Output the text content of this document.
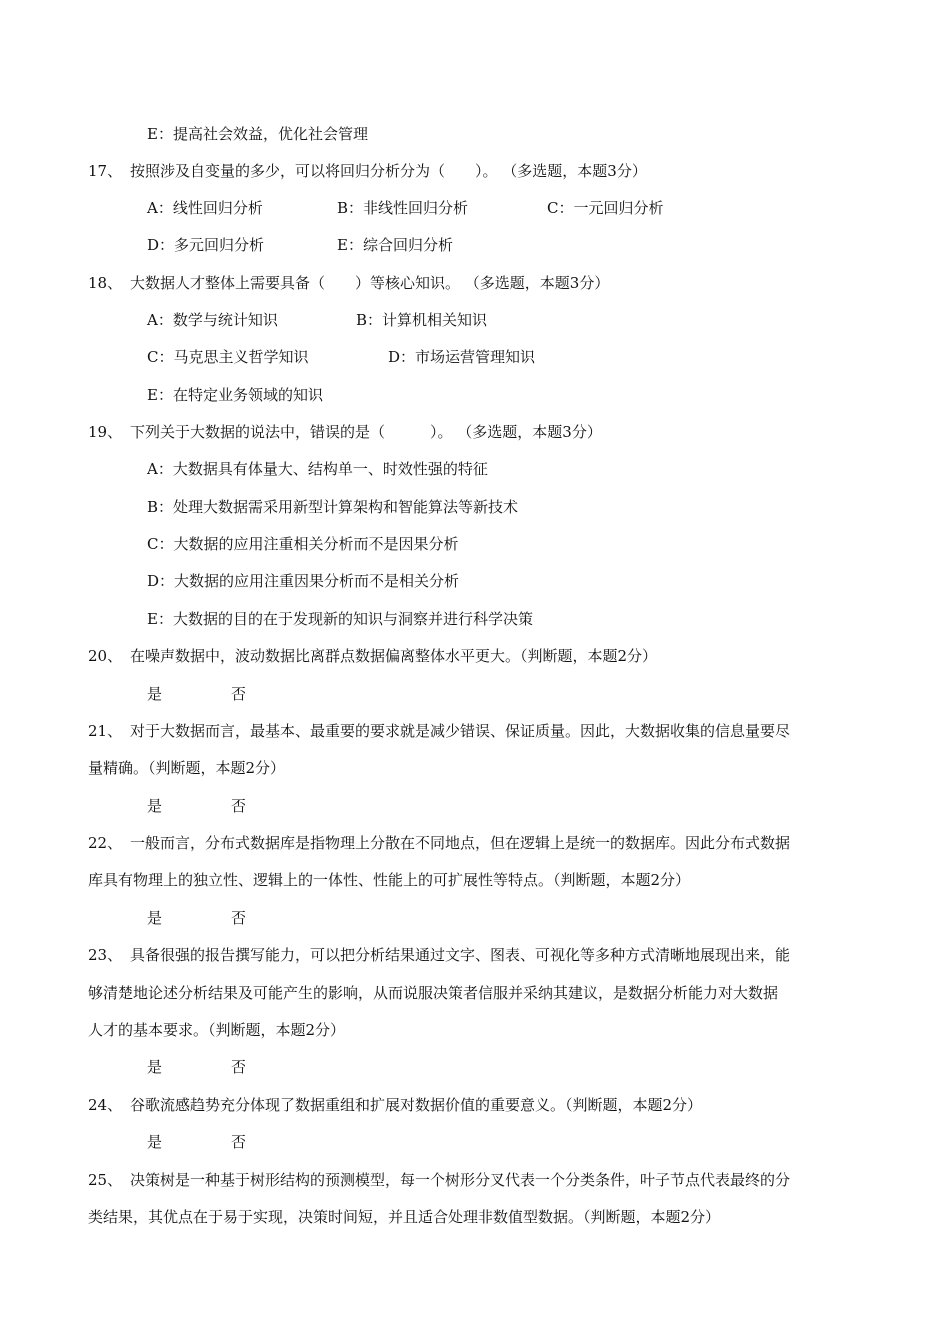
E：提高社会效益，优化社会管理
17、 按照涉及自变量的多少，可以将回归分析分为（　　）。 （多选题，本题3分）
A：线性回归分析	B：非线性回归分析	C：一元回归分析
D：多元回归分析	E：综合回归分析
18、 大数据人才整体上需要具备（　　）等核心知识。 （多选题，本题3分）
A：数学与统计知识	B：计算机相关知识
C：马克思主义哲学知识	D：市场运营管理知识
E：在特定业务领域的知识
19、 下列关于大数据的说法中，错误的是（　　　）。 （多选题，本题3分）
A：大数据具有体量大、结构单一、时效性强的特征
B：处理大数据需采用新型计算架构和智能算法等新技术
C：大数据的应用注重相关分析而不是因果分析
D：大数据的应用注重因果分析而不是相关分析
E：大数据的目的在于发现新的知识与洞察并进行科学决策
20、 在噪声数据中，波动数据比离群点数据偏离整体水平更大。（判断题，本题2分）
是	否
21、 对于大数据而言，最基本、最重要的要求就是减少错误、保证质量。因此，大数据收集的信息量要尽
量精确。（判断题，本题2分）
是	否
22、 一般而言，分布式数据库是指物理上分散在不同地点，但在逻辑上是统一的数据库。因此分布式数据
库具有物理上的独立性、逻辑上的一体性、性能上的可扩展性等特点。（判断题，本题2分）
是	否
23、 具备很强的报告撰写能力，可以把分析结果通过文字、图表、可视化等多种方式清晰地展现出来，能
够清楚地论述分析结果及可能产生的影响，从而说服决策者信服并采纳其建议，是数据分析能力对大数据
人才的基本要求。（判断题，本题2分）
是	否
24、 谷歌流感趋势充分体现了数据重组和扩展对数据价值的重要意义。（判断题，本题2分）
是	否
25、 决策树是一种基于树形结构的预测模型，每一个树形分叉代表一个分类条件，叶子节点代表最终的分
类结果，其优点在于易于实现，决策时间短，并且适合处理非数值型数据。（判断题，本题2分）
